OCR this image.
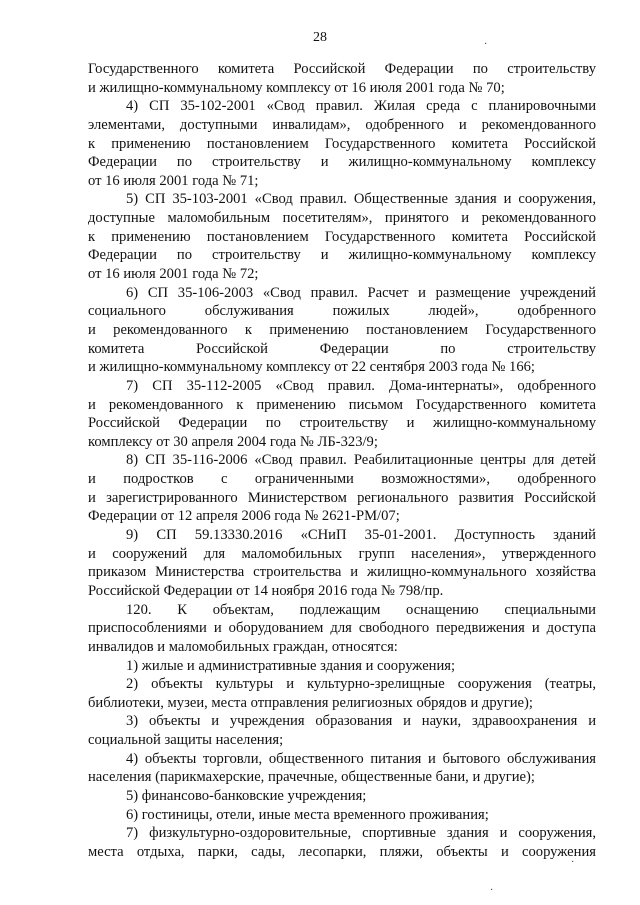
28	·
·
·
Государственного комитета Российской Федерации по строительству
и жилищно-коммунальному комплексу от 16 июля 2001 года № 70;
4) СП 35-102-2001 «Свод правил. Жилая среда с планировочными
элементами, доступными инвалидам», одобренного и рекомендованного
к применению постановлением Государственного комитета Российской
Федерации по строительству и жилищно-коммунальному комплексу
от 16 июля 2001 года № 71;
5) СП 35-103-2001 «Свод правил. Общественные здания и сооружения,
доступные маломобильным посетителям», принятого и рекомендованного
к применению постановлением Государственного комитета Российской
Федерации по строительству и жилищно-коммунальному комплексу
от 16 июля 2001 года № 72;
6) СП 35-106-2003 «Свод правил. Расчет и размещение учреждений
социального обслуживания пожилых людей», одобренного
и рекомендованного к применению постановлением Государственного
комитета Российской Федерации по строительству
и жилищно-коммунальному комплексу от 22 сентября 2003 года № 166;
7) СП 35-112-2005 «Свод правил. Дома-интернаты», одобренного
и рекомендованного к применению письмом Государственного комитета
Российской Федерации по строительству и жилищно-коммунальному
комплексу от 30 апреля 2004 года № ЛБ-323/9;
8) СП 35-116-2006 «Свод правил. Реабилитационные центры для детей
и подростков с ограниченными возможностями», одобренного
и зарегистрированного Министерством регионального развития Российской
Федерации от 12 апреля 2006 года № 2621-РМ/07;
9) СП 59.13330.2016 «СНиП 35-01-2001. Доступность зданий
и сооружений для маломобильных групп населения», утвержденного
приказом Министерства строительства и жилищно-коммунального хозяйства
Российской Федерации от 14 ноября 2016 года № 798/пр.
120. К объектам, подлежащим оснащению специальными
приспособлениями и оборудованием для свободного передвижения и доступа
инвалидов и маломобильных граждан, относятся:
1) жилые и административные здания и сооружения;
2) объекты культуры и культурно-зрелищные сооружения (театры,
библиотеки, музеи, места отправления религиозных обрядов и другие);
3) объекты и учреждения образования и науки, здравоохранения и
социальной защиты населения;
4) объекты торговли, общественного питания и бытового обслуживания
населения (парикмахерские, прачечные, общественные бани, и другие);
5) финансово-банковские учреждения;
6) гостиницы, отели, иные места временного проживания;
7) физкультурно-оздоровительные, спортивные здания и сооружения,
места отдыха, парки, сады, лесопарки, пляжи, объекты и сооружения
